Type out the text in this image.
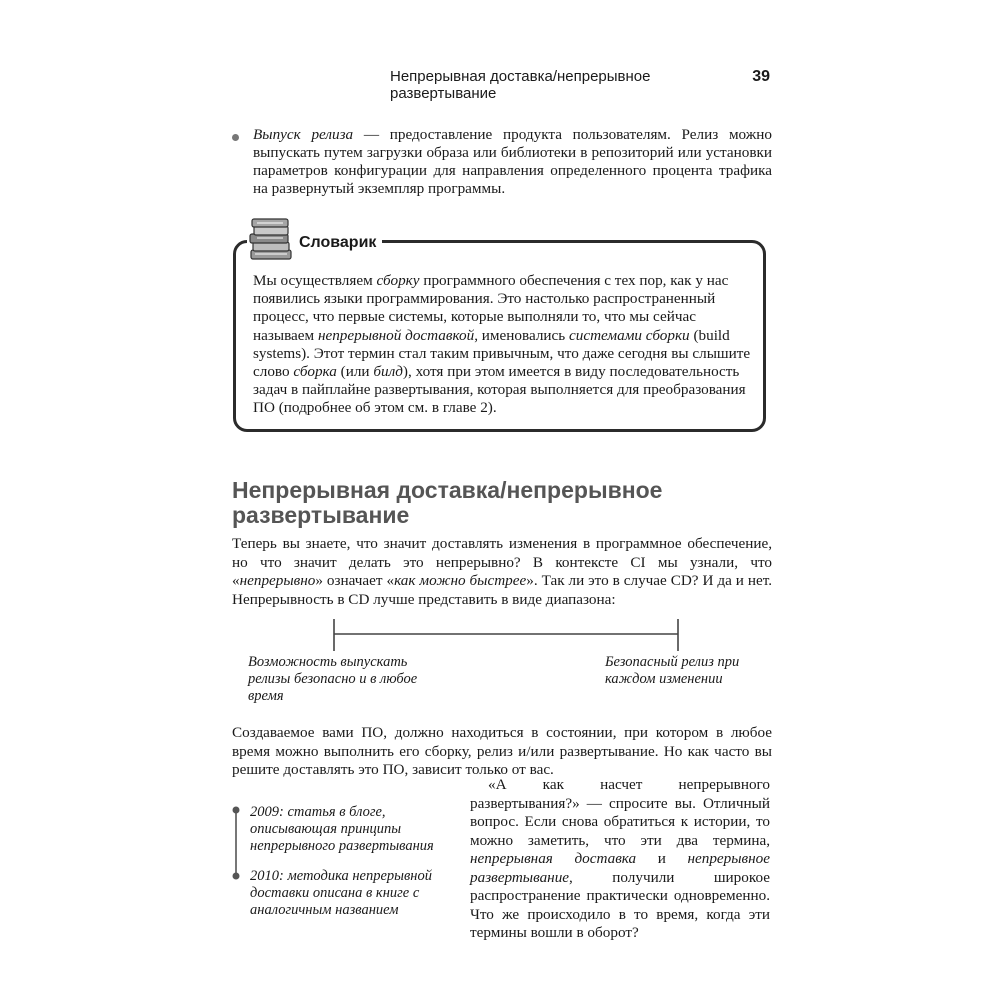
Непрерывная доставка/непрерывное развертывание
39

Выпуск релиза — предоставление продукта пользователям. Релиз можно выпускать путем загрузки образа или библиотеки в репозиторий или установки параметров конфигурации для направления определенного процента трафика на развернутый экземпляр программы.

Словарик
Мы осуществляем сборку программного обеспечения с тех пор, как у нас появились языки программирования. Это настолько распространенный процесс, что первые системы, которые выполняли то, что мы сейчас называем непрерывной доставкой, именовались системами сборки (build systems). Этот термин стал таким привычным, что даже сегодня вы слышите слово сборка (или билд), хотя при этом имеется в виду последовательность задач в пайплайне развертывания, которая выполняется для преобразования ПО (подробнее об этом см. в главе 2).
Непрерывная доставка/непрерывное развертывание
Теперь вы знаете, что значит доставлять изменения в программное обеспечение, но что значит делать это непрерывно? В контексте CI мы узнали, что «непрерывно» означает «как можно быстрее». Так ли это в случае CD? И да и нет. Непрерывность в CD лучше представить в виде диапазона:
Возможность выпускать релизы безопасно и в любое время
Безопасный релиз при каждом изменении
Создаваемое вами ПО, должно находиться в состоянии, при котором в любое время можно выполнить его сборку, релиз и/или развертывание. Но как часто вы решите доставлять это ПО, зависит только от вас.
2009: статья в блоге, описывающая принципы непрерывного развертывания
2010: методика непрерывной доставки описана в книге с аналогичным названием
«А как насчет непрерывного развертывания?» — спросите вы. Отличный вопрос. Если снова обратиться к истории, то можно заметить, что эти два термина, непрерывная доставка и непрерывное развертывание, получили широкое распространение практически одновременно. Что же происходило в то время, когда эти термины вошли в оборот?
